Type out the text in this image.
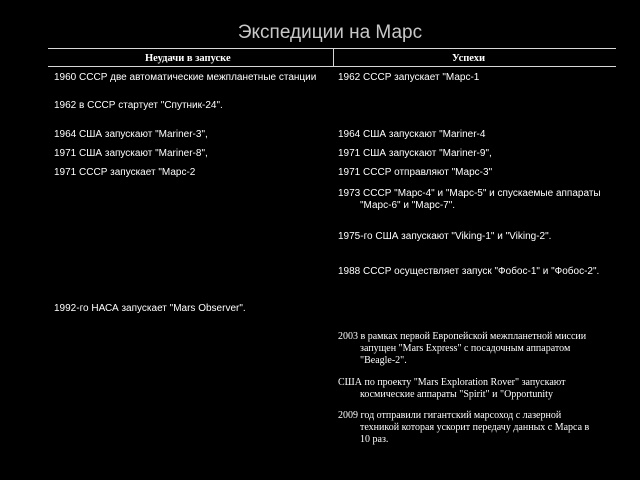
Экспедиции на Марс
Неудачи в запуске	Успехи
1960 СССР две автоматические межпланетные станции
1962 в СССР стартует "Спутник-24".
1964 США запускают "Mariner-3",
1971 США запускают "Mariner-8",
1971 СССР запускает "Марс-2
1992-го НАСА запускает "Mars Observer".
1962 СССР запускает "Марс-1
1964 США запускают "Mariner-4
1971 США запускают "Mariner-9",
1971 СССР отправляют "Марс-3"
1973 СССР "Марс-4" и "Марс-5" и спускаемые аппараты
"Марс-6" и "Марс-7".
1975-го США запускают "Viking-1" и "Viking-2".
1988 СССР осуществляет запуск "Фобос-1" и "Фобос-2".
2003 в рамках первой Европейской межпланетной миссии
запущен "Mars Express" с посадочным аппаратом
"Beagle-2".
США по проекту "Mars Exploration Rover" запускают
космические аппараты "Spirit" и "Opportunity
2009 год отправили гигантский марсоход с лазерной
техникой которая ускорит передачу данных с Марса в
10 раз.
